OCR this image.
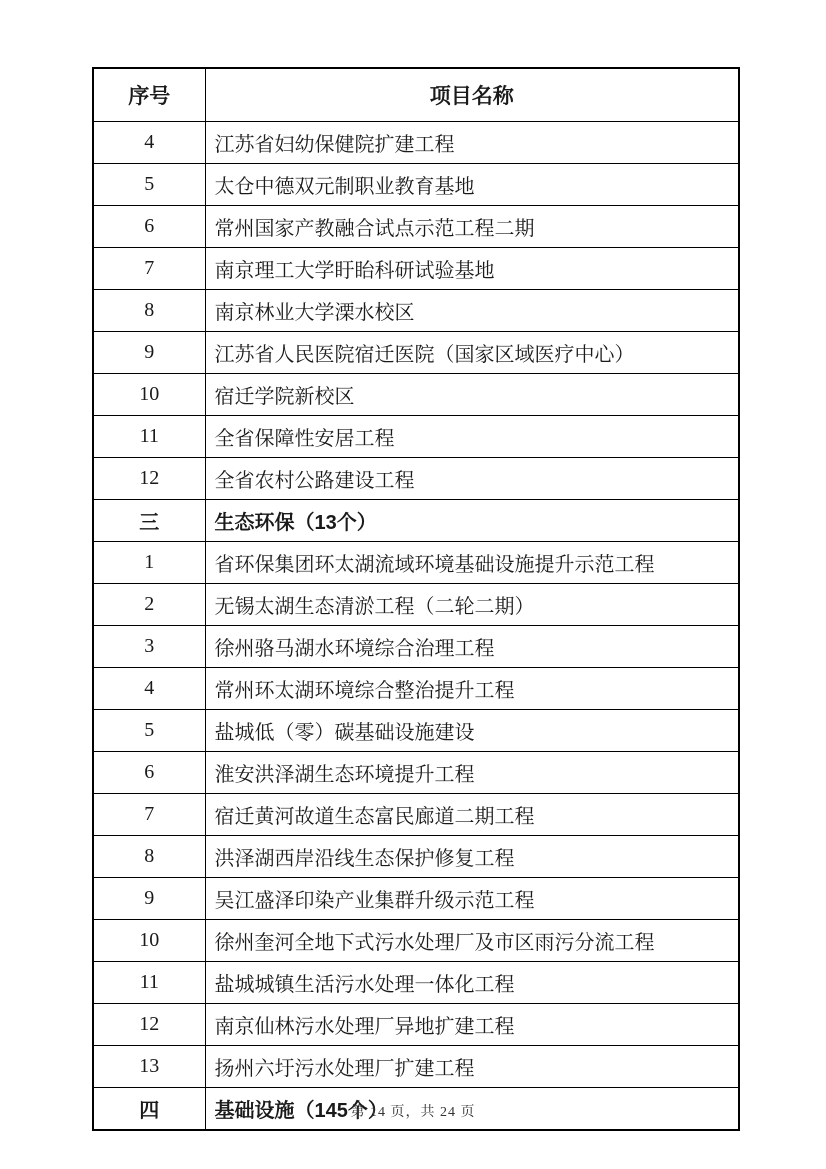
序号	项目名称
4	江苏省妇幼保健院扩建工程
5	太仓中德双元制职业教育基地
6	常州国家产教融合试点示范工程二期
7	南京理工大学盱眙科研试验基地
8	南京林业大学溧水校区
9	江苏省人民医院宿迁医院（国家区域医疗中心）
10	宿迁学院新校区
11	全省保障性安居工程
12	全省农村公路建设工程
三	生态环保（13个）
1	省环保集团环太湖流域环境基础设施提升示范工程
2	无锡太湖生态清淤工程（二轮二期）
3	徐州骆马湖水环境综合治理工程
4	常州环太湖环境综合整治提升工程
5	盐城低（零）碳基础设施建设
6	淮安洪泽湖生态环境提升工程
7	宿迁黄河故道生态富民廊道二期工程
8	洪泽湖西岸沿线生态保护修复工程
9	吴江盛泽印染产业集群升级示范工程
10	徐州奎河全地下式污水处理厂及市区雨污分流工程
11	盐城城镇生活污水处理一体化工程
12	南京仙林污水处理厂异地扩建工程
13	扬州六圩污水处理厂扩建工程
四	基础设施（145个）
第 14 页，共 24 页
